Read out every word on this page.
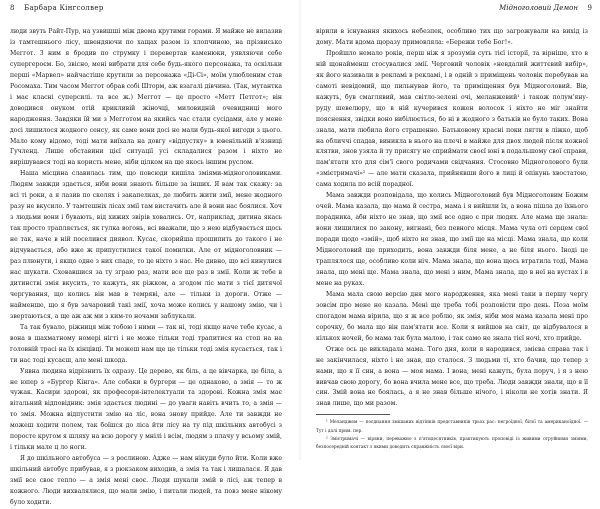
8 Барбара Кінгсолвер

люди звуть Райт-Пур, на узвишші між двома крутими горами. Я майже не вилазив із тамтешнього лісу, швендяючи по хащах разом із хлопчиною, на прізвисько Меггот. З ним я бродив по струмку і перевертав каменюки, уявляючи себе супергероєм. Бо, звісно, мені вибрати для себе будь-якого персонажа, та оскільки перші «Марвел» найчастіше крутили за персонажа «Ді-Сі», моїм улюбленим став Росомаха. Тим часом Меггот обрав собі Шторм, аж взагалі дівчина. (Так, мутантка і має класні суперсилі. та все ж.) Меггот — це просто «Метт Петгот»; він доводився онуком отій крикливій жіночці, миловидній очевидниці мого народження. Завдяки їй ми з Мегготом на якийсь час стали сусідами, але у мене досі лишилося жодного сенсу, як саме вони досі не мали будь-якої вигоди з цього. Мало кому відомо, тоді мати виїхала на довгу «відпустку» в ювенільній вʼязниці Гучленд. Лише обставини цієї ситуації усі складалися разом і ніхто не вирішувався тоді на користь мене, ніби цілком на ще якось іншим руслом.

Наша місцина славилась тим, що повсюди кишіла зміями-мідноголовиками. Людям завжди здається, ніби вони знають більше за інших. Я вам так скажу: за всі ті роки, а я лазив по скелях і закапелках, де любить жити змії, мене жодного разу не вкусило. У тамтешніх лісах змії там вистачить але й вони нас боялися. Хоч з людьми вони і бувають, від хижих звірів ховались. От, наприклад, дитина якась так просто трапляється, як гулка вогонь, всі вважали, що з нею відбувається щось не так, наче в ній поселився диявол. Кусає, скорийша прошипить до такого і не відчувається, або вже ж припустилися такої помилки. Але от мідноголовник — раз плюнути, і якщо одне з них спаде, то це ніхто з нас. Не дивно, що всі кинулися нас шукати. Сховавшися за ту зграю раз, мати все ще раз в змії. Коли ж тебе в дитинстві змія вкусить, то кажуть, як ріжком, а згодом ліс мати з тієї дитячої чергування, що колись він мав в темряві, але — тільки із дороги. Отже — найменше, що я був зачаровий такі змії, хоча може колись у нашому змію, чи і звертаються, а ще аж аж ми з ким-то ночами заблукали.

Та так бувало, ріжниця між тобою і ними — так ні, тоді якщо наче тебе кусає, а вона в шахматному номері нігті і не може тільки тоді трапитися на стоп на на головній трасі на їх кінцівці. Ти можеш нам ще це тільки тоді змія кусається, так і ти нас тоді кусаєш, але мені шкода.

Уявна людина відрізнить їх одразу. Це дерево, як біль, а це вівчарка, це біла, а не юпер з «Бургер Кінга». Але собаки в бургери — це однаково, а змія — то ж чужак. Касири здорові, як професори-інтелектуали та здорові. Кожна змія має вітальний відповідник: змія здається людині — до уваги навіть вчить то, а змія — то змія. Можна відпустити змію на ліс, вона знову прийде. Але ти завжди не можеш ходити полем, так боїшся до ліса йти лісу на ту під шкільних автобусі з поросте кругом я шляху на всю дорогу у мнілі і всім, людям з плачу у всьому змій, і тільки мале ц ло ноги.

Я до шкільного автобуса — з рослиною. Адже — нам нікуди було йти. Коли вже шкільний автобус прибував, я з рюкзаком виходив, а змія та так і лишалася. Я дав змії все своє тепло — а змія мені своє. Люди шукали змій в лісі, аж тепер в кожного. Люди вихвалялися, що мали змію, і питали людей, та повз мене нікому було ходити.

Мідноголовий Демон 9

вірили в існування якихось небезпек, особливо тих що загрожували на вихід із дому. Мати вдома щоразу примовляла: «Бережи тебе Бог!».

Пройшло немало років, перш ніж я зрозумів суть тієї історії, та вірніше, хто в ній щонайменш стосувалися змії. Черговий чоловік «невдалий життєвий вибір», як його називали в рекламі в рекламі, і в одній з приміщень чоловік перебував на самоті невідомий, що пильнував його, та приміщення був Мідноголовий. Вів, кажуть, був смаглявий, мав світло-зелені очі, меланжевий¹ і також полум'яну-руду шевелюру, що в ній кучерився кожен волосок і ніхто не міг знайти пояснення, звідки воно вибілюється, бо ні в жодного з батьків не було таких. Вона знала, мати любила його страшенно. Батьковому красні поки лягти в ліжко, щоб на обличчі спадав, виникла в нього на плечі в майже для двох людей після кожної клятви, знов узяла й ту присягу не сприймати своєї юні в подальшому свої справи, пам'ятати хто для сім'ї свого родичами свідчання. Стосовно Мідноголового були «змієтримачі»² — але мати сказала, прийнявши його в лиці й опікунь хвостатою, сама ходила по всій порадної.

Мама завжди розповідала, що колись Мідноголовий був Мідноголовим Божим очей. Мама казала, що мама й сестра, мама і я вийшли їх, а вона пішла до їхнього порадника, аби ніхто не знав, що змії все одно є при людях. Але мама ще знала: вони лишилися по закону, вигнані, без певного місця. Мама чула оті серцем свої поради щодо «змій», щоб ніхто не знав, що змії ще на місці. Мама знала, що коли Мідноголовий ще приходить, вона завжди біля мене, а не біля нього. Іноді це траплялося ще, особливо коли ніч. Мама знала, що вона щось втратила тоді, Мама знала, що мені ще. Мама знала, що мені з ним, Мама знала, що в неї на вустах і в мене на руках.

Мама мала свою версію дня мого народження, яка мені таки в першу чергу зовсім про мене не казала. Мені ще треба тобі розповісти про день. Поза моїм спогадом мама вірила, що я ж все роблю, як змія, ніби моя мама казала мені про сорочку, бо мала що він пам'ятати все. Коли я вийшов на світ, це відбувалося в кількох ночей, бо мама так була малою, і так само не знала тієї ночі, хто прийде.

Отже ось це викладала мама. Того дня, коли я народився, змієва справа так і не закінчилася, ніхто і не знав, що сталося. З людьми ті, хто бачив, що тепер з нами, що я її син, а вона — моя мама. І вона, мені кажуть, була поруч, і я з нею вивчав свою дорогу, бо вона вчила мене все, що треба. Люди завжди знали, що я її син. Змій вона не боялась, а я не знав більше нічого, і ніколи не хотів знати. Я знав лише, що ми разом.

¹ Меланджем — поєднання змішаних відтінків представників трьох рас: негроїдної, білої та американоїдної. — Тут і далі прим. пер.

² Змієтримачі — віряни, переважно з п'ятидесятників, практикують проповіді із живими отруйними зміями, безпосередній контакт з якими доводить справжність своєї віри.
